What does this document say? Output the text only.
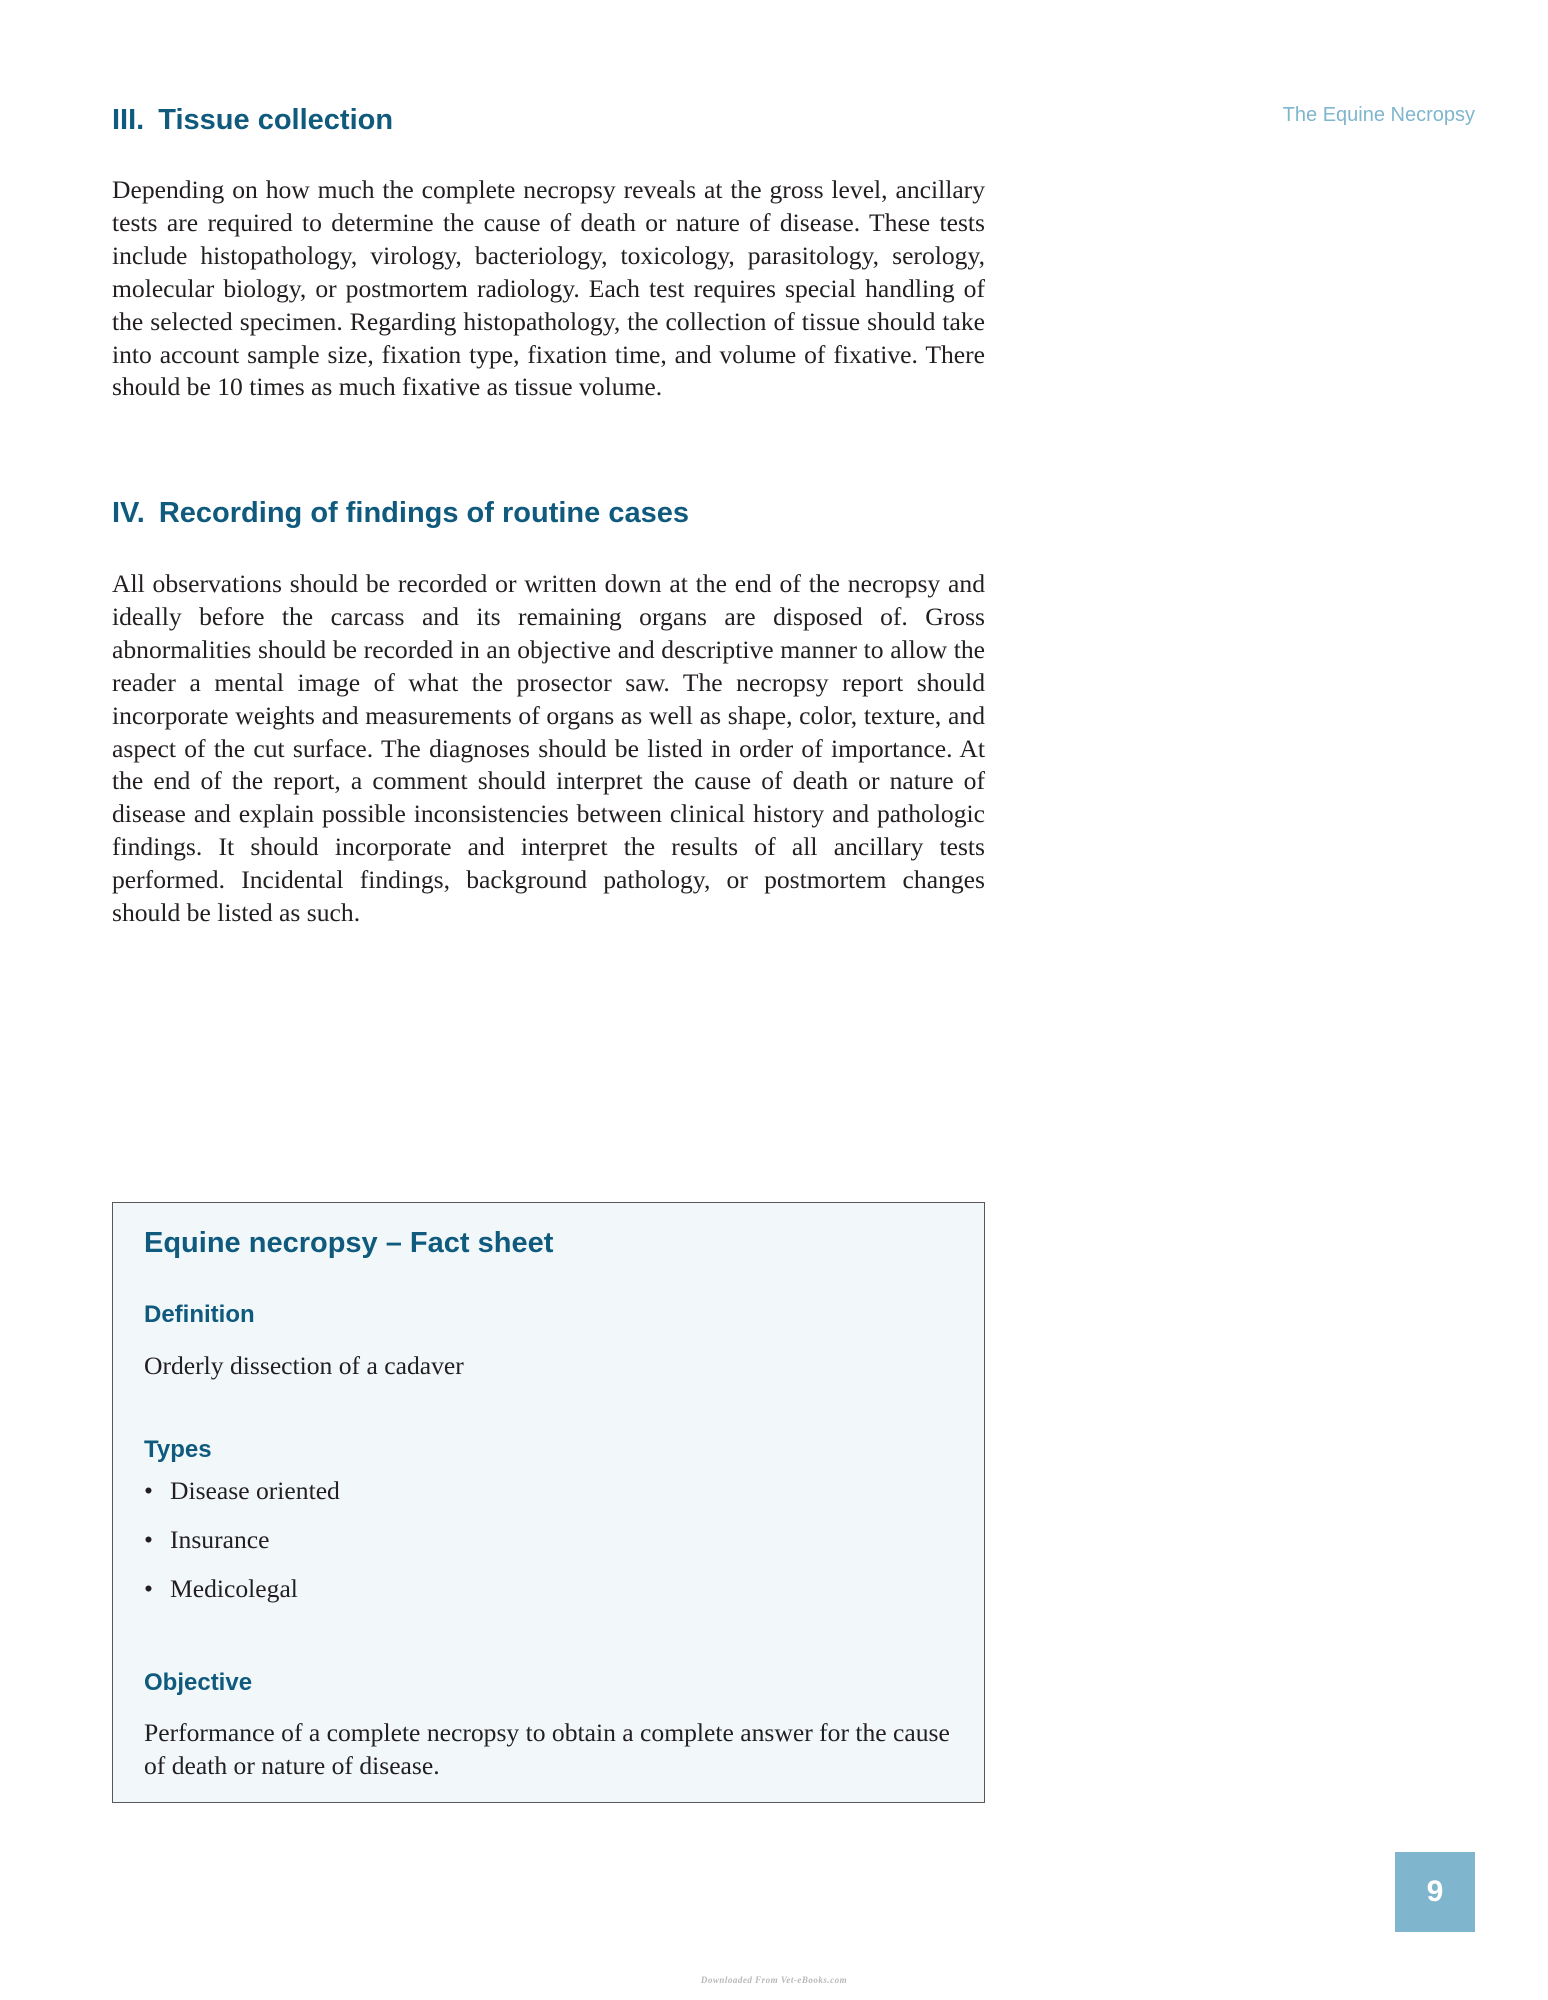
The Equine Necropsy
III. Tissue collection

Depending on how much the complete necropsy reveals at the gross level, ancillary tests are required to determine the cause of death or nature of disease. These tests include histopathology, virology, bacteriology, toxicology, parasitology, serology, molecular biology, or postmortem radiology. Each test requires special handling of the selected specimen. Regarding histopathology, the collection of tissue should take into account sample size, fixation type, fixation time, and volume of fixative. There should be 10 times as much fixative as tissue volume.

IV. Recording of findings of routine cases

All observations should be recorded or written down at the end of the necropsy and ideally before the carcass and its remaining organs are disposed of. Gross abnormalities should be recorded in an objective and descriptive manner to allow the reader a mental image of what the prosector saw. The necropsy report should incorporate weights and measurements of organs as well as shape, color, texture, and aspect of the cut surface. The diagnoses should be listed in order of importance. At the end of the report, a comment should interpret the cause of death or nature of disease and explain possible inconsistencies between clinical history and pathologic findings. It should incorporate and interpret the results of all ancillary tests performed. Incidental findings, background pathology, or postmortem changes should be listed as such.

Equine necropsy – Fact sheet
Definition

Orderly dissection of a cadaver

Types
• Disease oriented
• Insurance
• Medicolegal
Objective

Performance of a complete necropsy to obtain a complete answer for the cause of death or nature of disease.

9
Downloaded From Vet-eBooks.com
